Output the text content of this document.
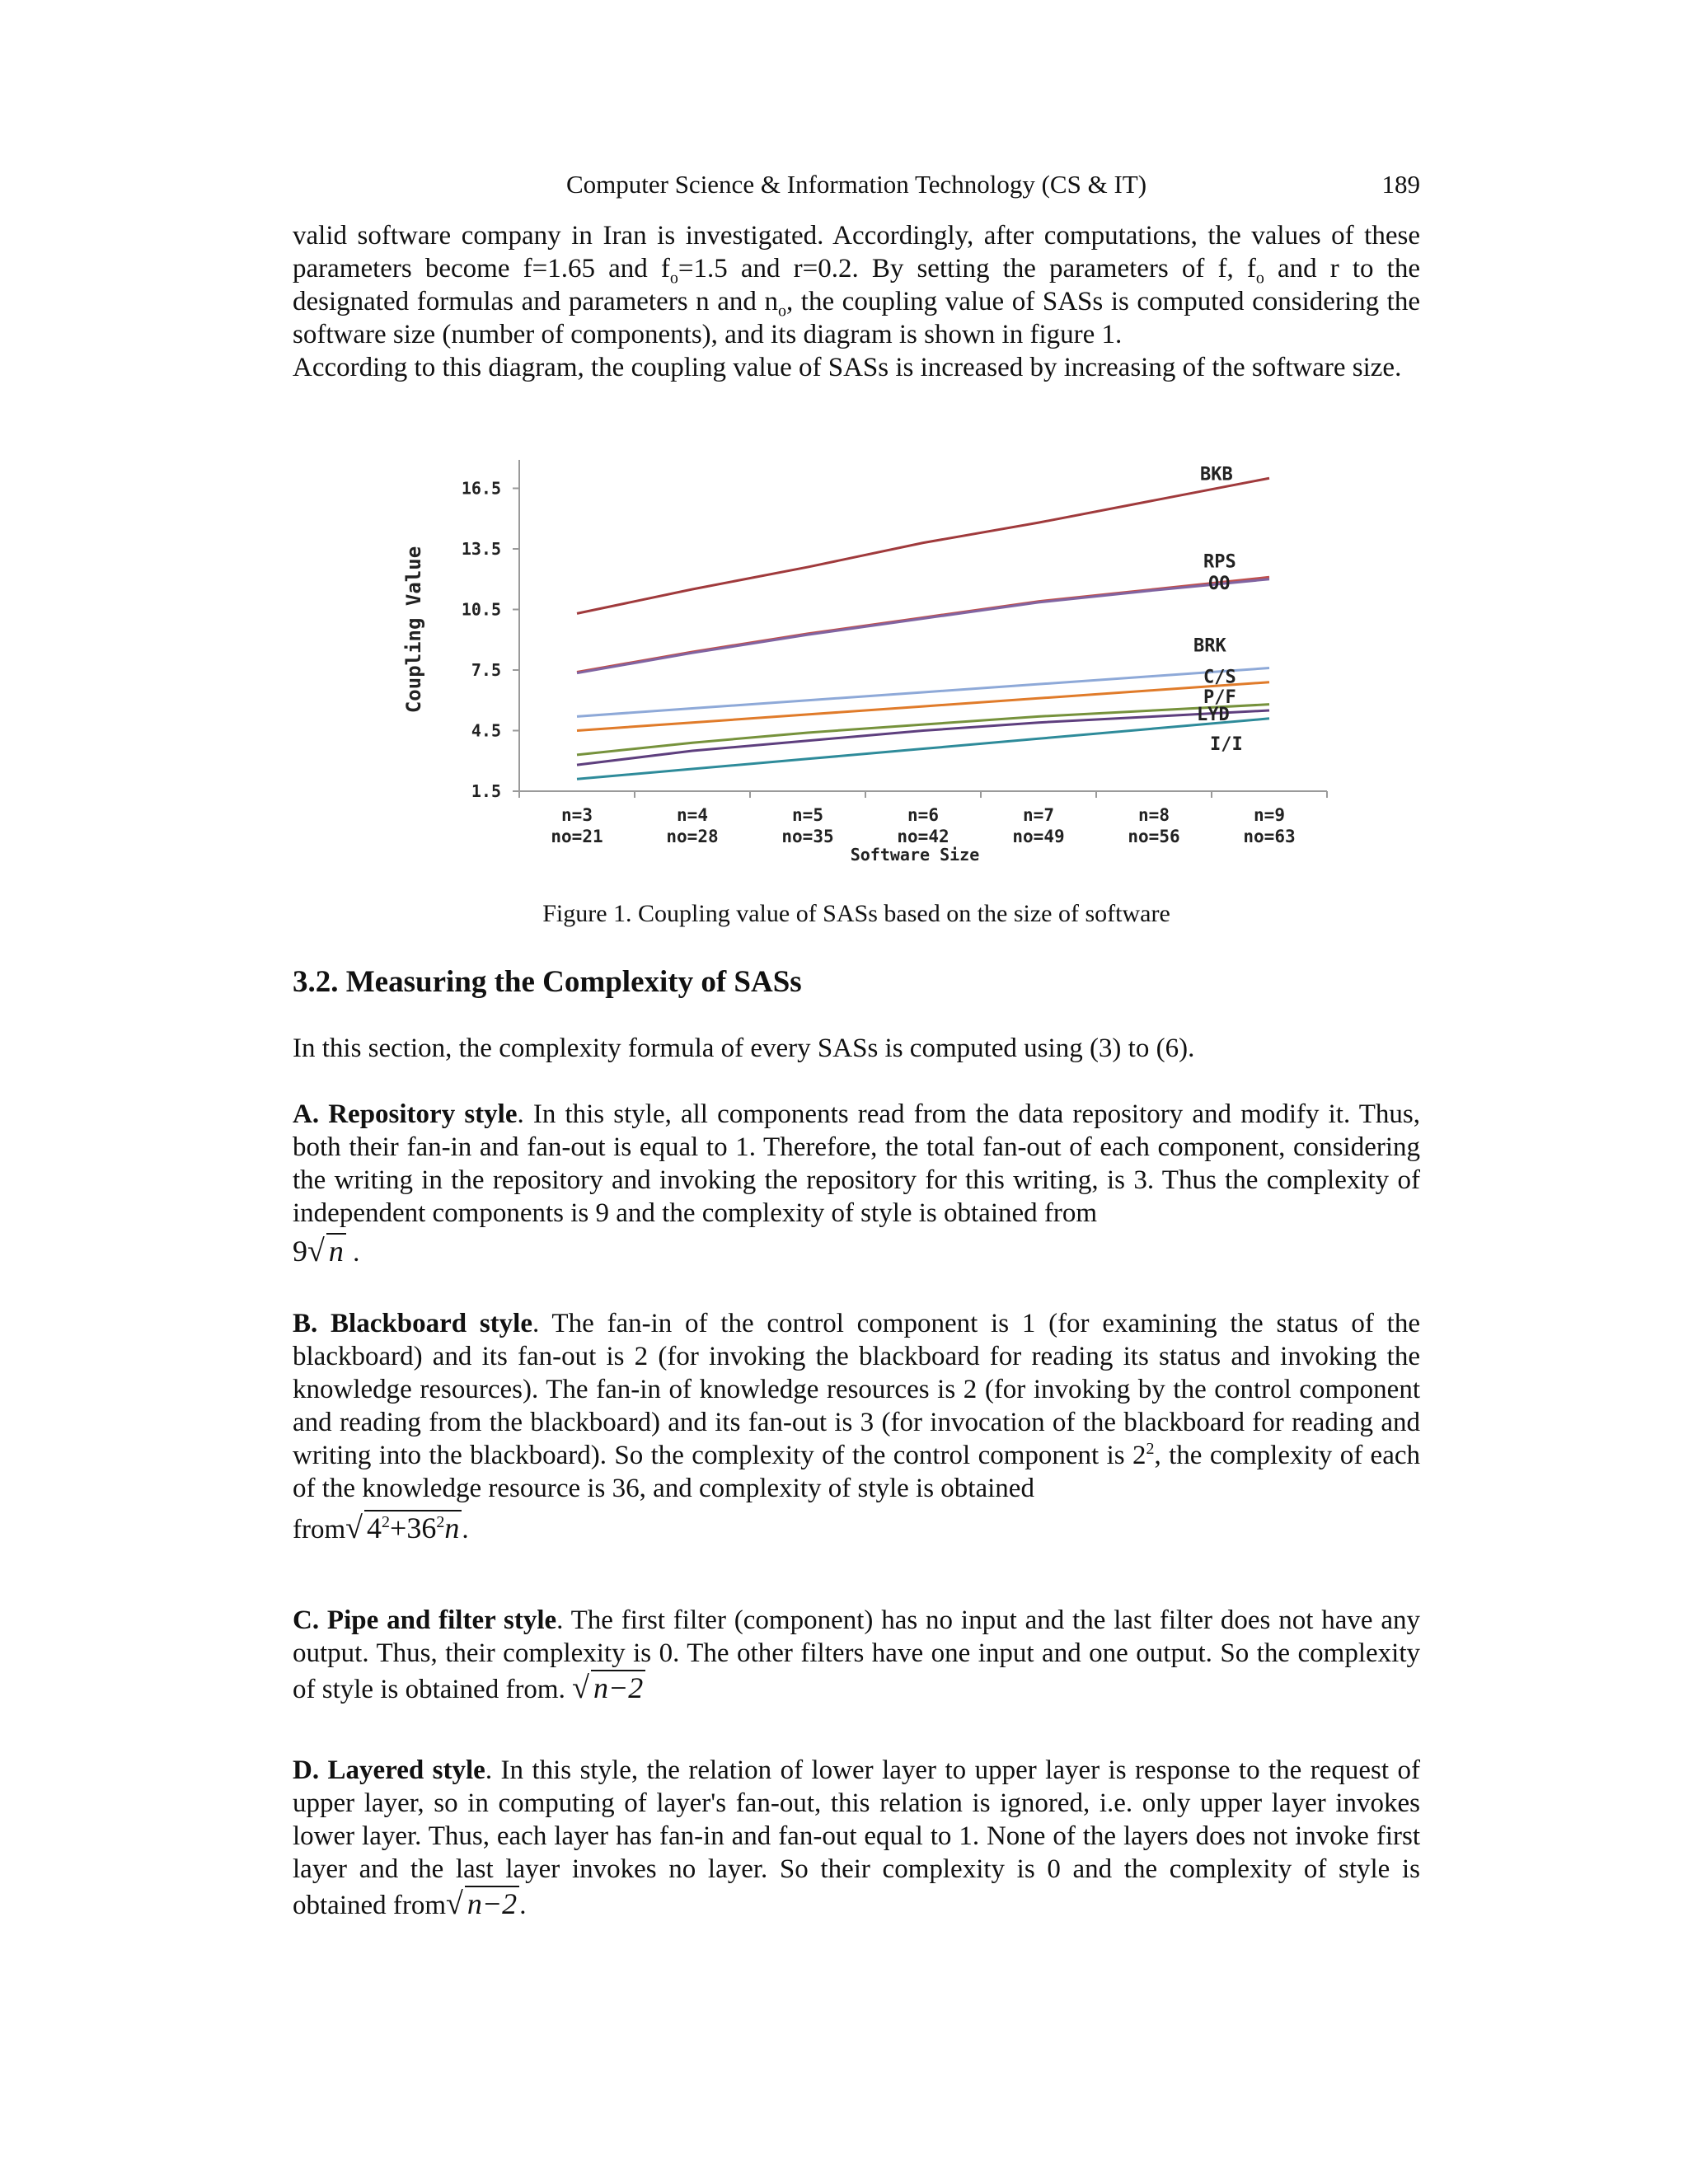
Computer Science & Information Technology (CS & IT)	189

valid software company in Iran is investigated. Accordingly, after computations, the values of these parameters become f=1.65 and $f_o=1.5$ and r=0.2. By setting the parameters of f, $f_o$ and r to the designated formulas and parameters n and $n_o$, the coupling value of SASs is computed considering the software size (number of components), and its diagram is shown in figure 1.

According to this diagram, the coupling value of SASs is increased by increasing of the software size.

16.5
13.5
10.5
7.5
4.5
1.5
n=3
no=21
n=4
no=28
n=5
no=35
n=6
no=42
n=7
no=49
n=8
no=56
n=9
no=63
Software Size
Coupling Value
BKB
RPS
OO
BRK
C/S
P/F
LYD
I/I
Figure 1. Coupling value of SASs based on the size of software
3.2. Measuring the Complexity of SASs

In this section, the complexity formula of every SASs is computed using (3) to (6).

A. Repository style. In this style, all components read from the data repository and modify it. Thus, both their fan-in and fan-out is equal to 1. Therefore, the total fan-out of each component, considering the writing in the repository and invoking the repository for this writing, is 3. Thus the complexity of independent components is 9 and the complexity of style is obtained from

9√ n .

B. Blackboard style. The fan-in of the control component is 1 (for examining the status of the blackboard) and its fan-out is 2 (for invoking the blackboard for reading its status and invoking the knowledge resources). The fan-in of knowledge resources is 2 (for invoking by the control component and reading from the blackboard) and its fan-out is 3 (for invocation of the blackboard for reading and writing into the blackboard). So the complexity of the control component is $2^2$, the complexity of each of the knowledge resource is 36, and complexity of style is obtained

from√ $4^2+36^2n$.

C. Pipe and filter style. The first filter (component) has no input and the last filter does not have any output. Thus, their complexity is 0. The other filters have one input and one output. So the complexity of style is obtained from. √ n−2

D. Layered style. In this style, the relation of lower layer to upper layer is response to the request of upper layer, so in computing of layer's fan-out, this relation is ignored, i.e. only upper layer invokes lower layer. Thus, each layer has fan-in and fan-out equal to 1. None of the layers does not invoke first layer and the last layer invokes no layer. So their complexity is 0 and the complexity of style is obtained from√ n−2.
